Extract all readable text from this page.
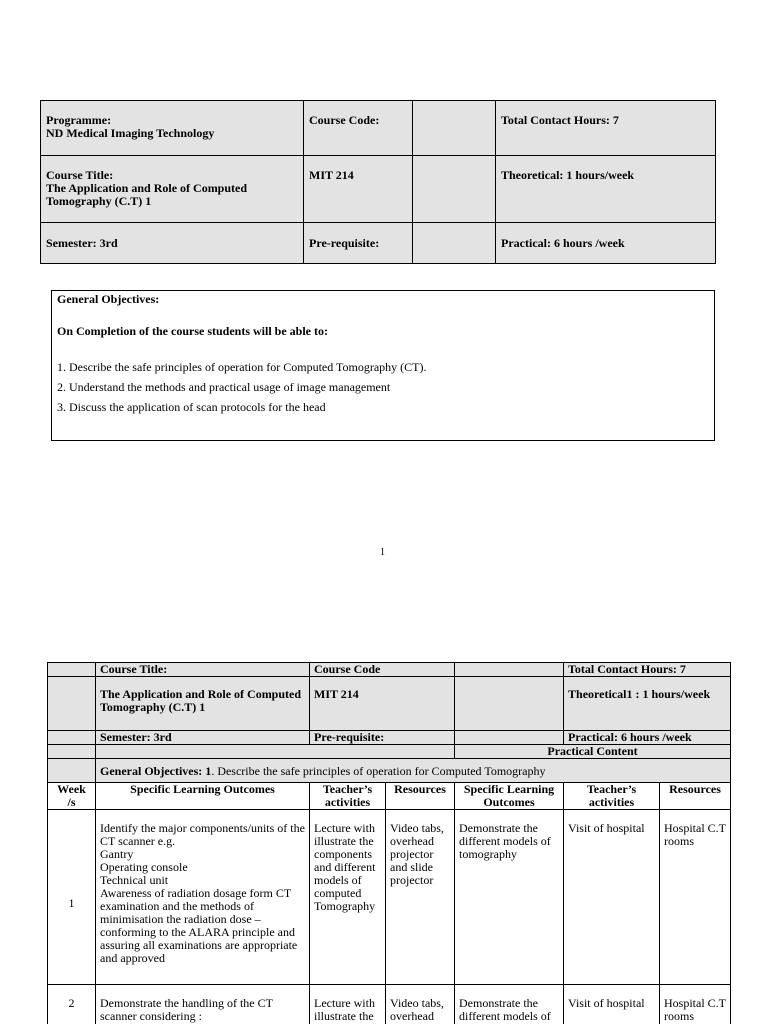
Programme:
ND Medical Imaging Technology	Course Code:		Total Contact Hours: 7

Course Title:
The Application and Role of Computed
Tomography (C.T) 1	MIT 214		Theoretical: 1 hours/week
Semester: 3rd	Pre-requisite:		Practical: 6 hours /week
General Objectives:
On Completion of the course students will be able to:
1. Describe the safe principles of operation for Computed Tomography (CT).
2. Understand the methods and practical usage of image management
3. Discuss the application of scan protocols for the head
1
	Course Title:	Course Code			Total Contact Hours: 7	

	The Application and Role of Computed
Tomography (C.T) 1	MIT 214			Theoretical1 : 1 hours/week	
	Semester: 3rd	Pre-requisite:			Practical: 6 hours /week	
				Practical Content		
	General Objectives: 1. Describe the safe principles of operation for Computed Tomography					
Week /s	Specific Learning Outcomes	Teacher’s activities	Resources	Specific Learning Outcomes	Teacher’s activities	Resources
1	Identify the major components/units of the CT scanner e.g.
Gantry
Operating console
Technical unit
Awareness of radiation dosage form CT examination and the methods of minimisation the radiation dose – conforming to the ALARA principle and assuring all examinations are appropriate and approved	Lecture with illustrate the components and different models of computed Tomography	Video tabs, overhead projector and slide projector	Demonstrate the different models of tomography	Visit of hospital	Hospital C.T rooms
2	Demonstrate the handling of the CT scanner considering :	Lecture with illustrate the	Video tabs, overhead	Demonstrate the different models of	Visit of hospital	Hospital C.T rooms
